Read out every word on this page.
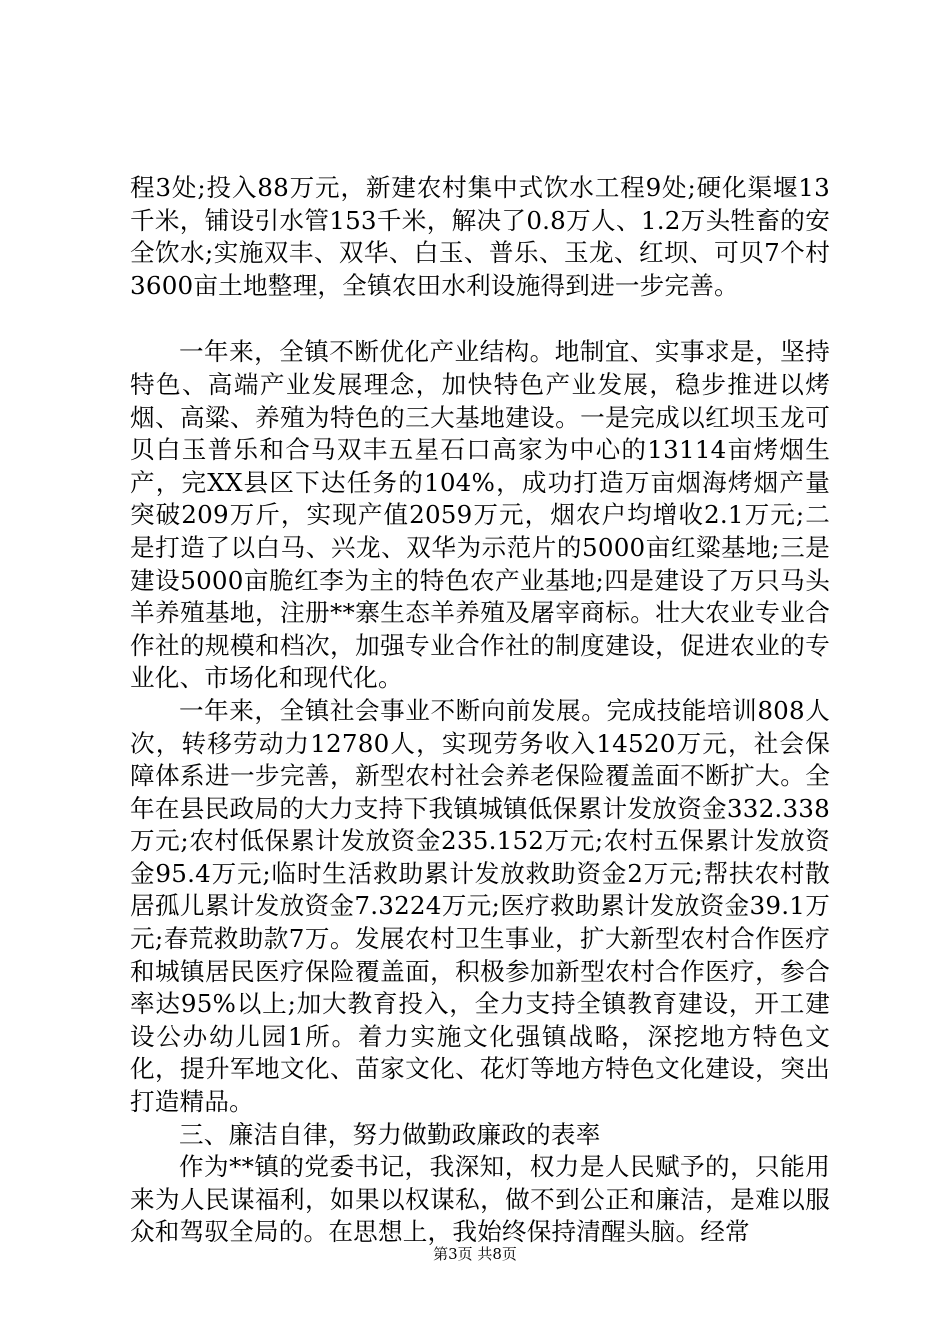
程3处;投入88万元，新建农村集中式饮水工程9处;硬化渠堰13千米，铺设引水管153千米，解决了0.8万人、1.2万头牲畜的安全饮水;实施双丰、双华、白玉、普乐、玉龙、红坝、可贝7个村3600亩土地整理，全镇农田水利设施得到进一步完善。

一年来，全镇不断优化产业结构。地制宜、实事求是，坚持特色、高端产业发展理念，加快特色产业发展，稳步推进以烤烟、高粱、养殖为特色的三大基地建设。一是完成以红坝玉龙可贝白玉普乐和合马双丰五星石口高家为中心的13114亩烤烟生产，完XX县区下达任务的104%，成功打造万亩烟海烤烟产量突破209万斤，实现产值2059万元，烟农户均增收2.1万元;二是打造了以白马、兴龙、双华为示范片的5000亩红粱基地;三是建设5000亩脆红李为主的特色农产业基地;四是建设了万只马头羊养殖基地，注册**寨生态羊养殖及屠宰商标。壮大农业专业合作社的规模和档次，加强专业合作社的制度建设，促进农业的专业化、市场化和现代化。

一年来，全镇社会事业不断向前发展。完成技能培训808人次，转移劳动力12780人，实现劳务收入14520万元，社会保障体系进一步完善，新型农村社会养老保险覆盖面不断扩大。全年在县民政局的大力支持下我镇城镇低保累计发放资金332.338万元;农村低保累计发放资金235.152万元;农村五保累计发放资金95.4万元;临时生活救助累计发放救助资金2万元;帮扶农村散居孤儿累计发放资金7.3224万元;医疗救助累计发放资金39.1万元;春荒救助款7万。发展农村卫生事业，扩大新型农村合作医疗和城镇居民医疗保险覆盖面，积极参加新型农村合作医疗，参合率达95%以上;加大教育投入，全力支持全镇教育建设，开工建设公办幼儿园1所。着力实施文化强镇战略，深挖地方特色文化，提升军地文化、苗家文化、花灯等地方特色文化建设，突出打造精品。

三、廉洁自律，努力做勤政廉政的表率

作为**镇的党委书记，我深知，权力是人民赋予的，只能用来为人民谋福利，如果以权谋私，做不到公正和廉洁，是难以服众和驾驭全局的。在思想上，我始终保持清醒头脑。经常

第3页 共8页
